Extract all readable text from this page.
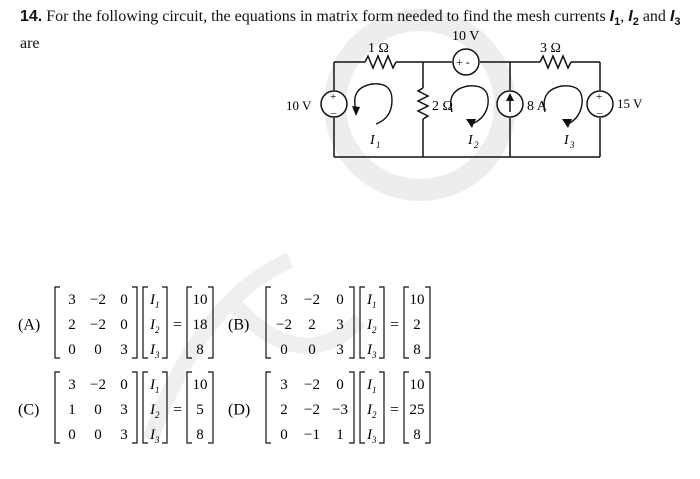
14. For the following circuit, the equations in matrix form needed to find the mesh currents $I_1$, $I_2$ and $I_3$
are	1 Ω
10 V
3 Ω
10 V	2 Ω	8 A	15 V
+
–
+
–
+ -
I 1	I 2	I 3
(A)
3 −2 0
2 −2 0
0 0 3
I 1
I 2
I 3
=
10
18
8
(B)
3 −2 0
−2 2 3
0 0 3
I 1
I 2
I 3
=
10
2
8
(C)
3 −2 0
1 0 3
0 0 3
I 1
I 2
I 3
=
10
5
8
(D)
3 −2 0
2 −2 −3
0 −1 1
I 1
I 2
I 3
=
10
25
8
